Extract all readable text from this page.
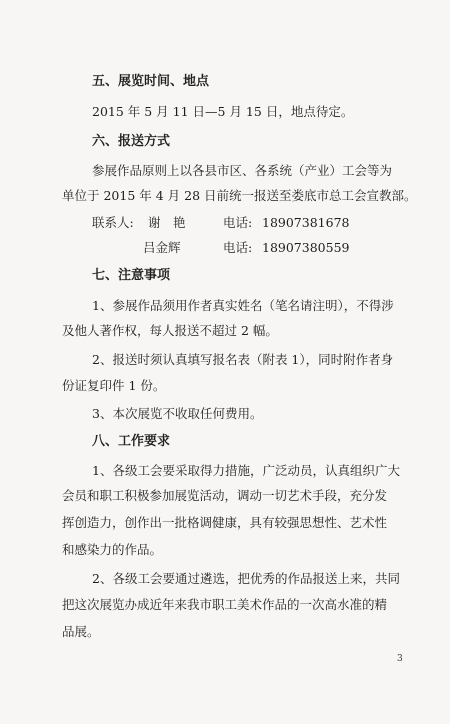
五、展览时间、地点
2015 年 5 月 11 日—5 月 15 日，地点待定。
六、报送方式
参展作品原则上以各县市区、各系统（产业）工会等为
单位于 2015 年 4 月 28 日前统一报送至娄底市总工会宣教部。
联系人: 谢　艳	电话: 18907381678
吕金辉	电话: 18907380559
七、注意事项
1、参展作品须用作者真实姓名（笔名请注明），不得涉
及他人著作权，每人报送不超过 2 幅。
2、报送时须认真填写报名表（附表 1），同时附作者身
份证复印件 1 份。
3、本次展览不收取任何费用。
八、工作要求
1、各级工会要采取得力措施，广泛动员，认真组织广大
会员和职工积极参加展览活动，调动一切艺术手段，充分发
挥创造力，创作出一批格调健康，具有较强思想性、艺术性
和感染力的作品。
2、各级工会要通过遴选，把优秀的作品报送上来，共同
把这次展览办成近年来我市职工美术作品的一次高水准的精
品展。
3
